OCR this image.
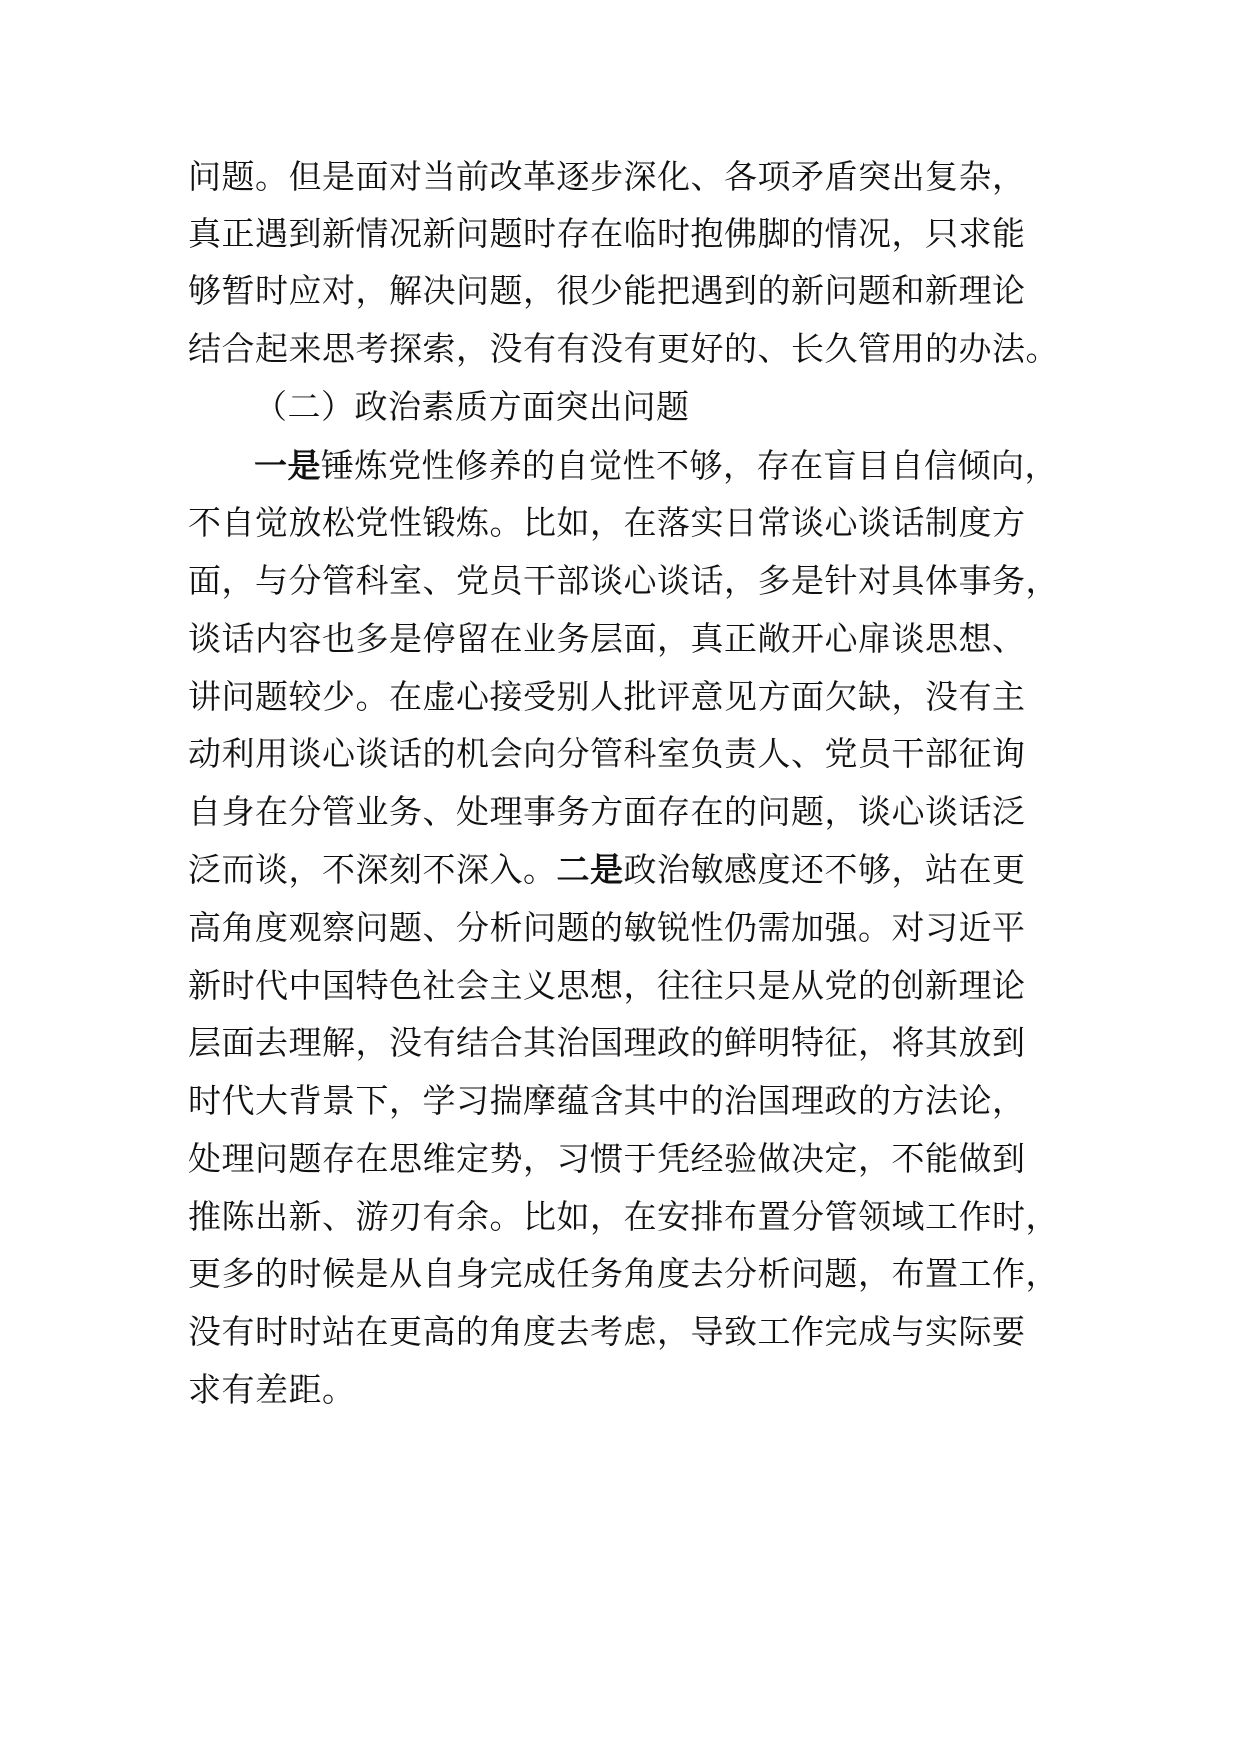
问题。但是面对当前改革逐步深化、各项矛盾突出复杂，
真正遇到新情况新问题时存在临时抱佛脚的情况，只求能
够暂时应对，解决问题，很少能把遇到的新问题和新理论
结合起来思考探索，没有有没有更好的、长久管用的办法。
（二）政治素质方面突出问题
一是锤炼党性修养的自觉性不够，存在盲目自信倾向，
不自觉放松党性锻炼。比如，在落实日常谈心谈话制度方
面，与分管科室、党员干部谈心谈话，多是针对具体事务，
谈话内容也多是停留在业务层面，真正敞开心扉谈思想、
讲问题较少。在虚心接受别人批评意见方面欠缺，没有主
动利用谈心谈话的机会向分管科室负责人、党员干部征询
自身在分管业务、处理事务方面存在的问题，谈心谈话泛
泛而谈，不深刻不深入。二是政治敏感度还不够，站在更
高角度观察问题、分析问题的敏锐性仍需加强。对习近平
新时代中国特色社会主义思想，往往只是从党的创新理论
层面去理解，没有结合其治国理政的鲜明特征，将其放到
时代大背景下，学习揣摩蕴含其中的治国理政的方法论，
处理问题存在思维定势，习惯于凭经验做决定，不能做到
推陈出新、游刃有余。比如，在安排布置分管领域工作时，
更多的时候是从自身完成任务角度去分析问题，布置工作，
没有时时站在更高的角度去考虑，导致工作完成与实际要
求有差距。
